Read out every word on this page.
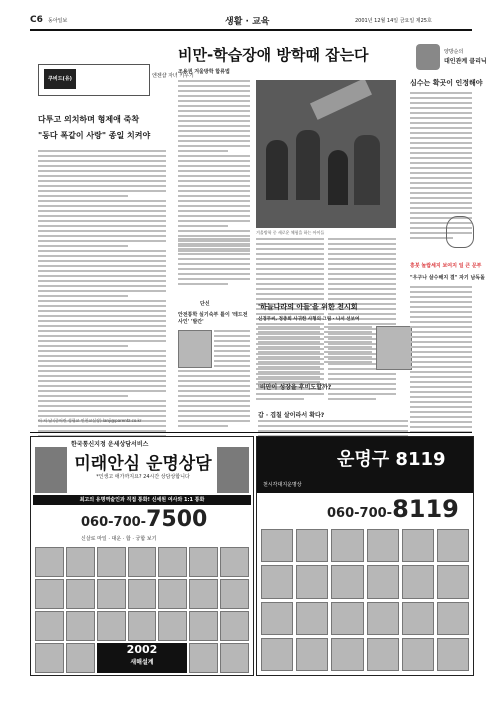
C6 동아일보	생활 · 교육	2001년 12월 14일 금요일 제25호
쿠비드(유)	엔젠샵 자녀 키우기
다투고 의치하며 형제애 죽착
"동다 폭같이 사랑" 종일 치켜야
이 지 남 (중어린 성평교 인천교실장) lanji@parentz.co.kr
비만-학습장애 방학때 잡는다
조용권 겨울방학 합류법
겨울방학 중 새로운 체험을 하는 아이들
단신
안전통학 실기숙부 틀이 '테드전사인' '발간'
'하늘나라의 아들'을 위한 천시회
신경무씨, 정충희 사귀한 사형의 그림 · 나서 선보여
'비만이 성장을 후비도할까?
갑 · 겹칠 살이라서 확다?
양방순의
대인관계 클리닉
심수는 확곳이 인정해야
흥붓 놀랍세지 보여지 일 큰 문부
"우구나 살수해지 결" 자기 남독돌
한국통신지정 운세상담서비스
미래안심 운명상담
*인생고 애가까지요? 24시간 상담상합니다
최고의 유명역술인과 직접 통화! 신세원 여사와 1:1 통화
060-700-7500
신살로 마일 · 대운 · 합 · 궁합 보기
2002
새해설계
운명구 8119
천시각대지운명상
060-700-8119
